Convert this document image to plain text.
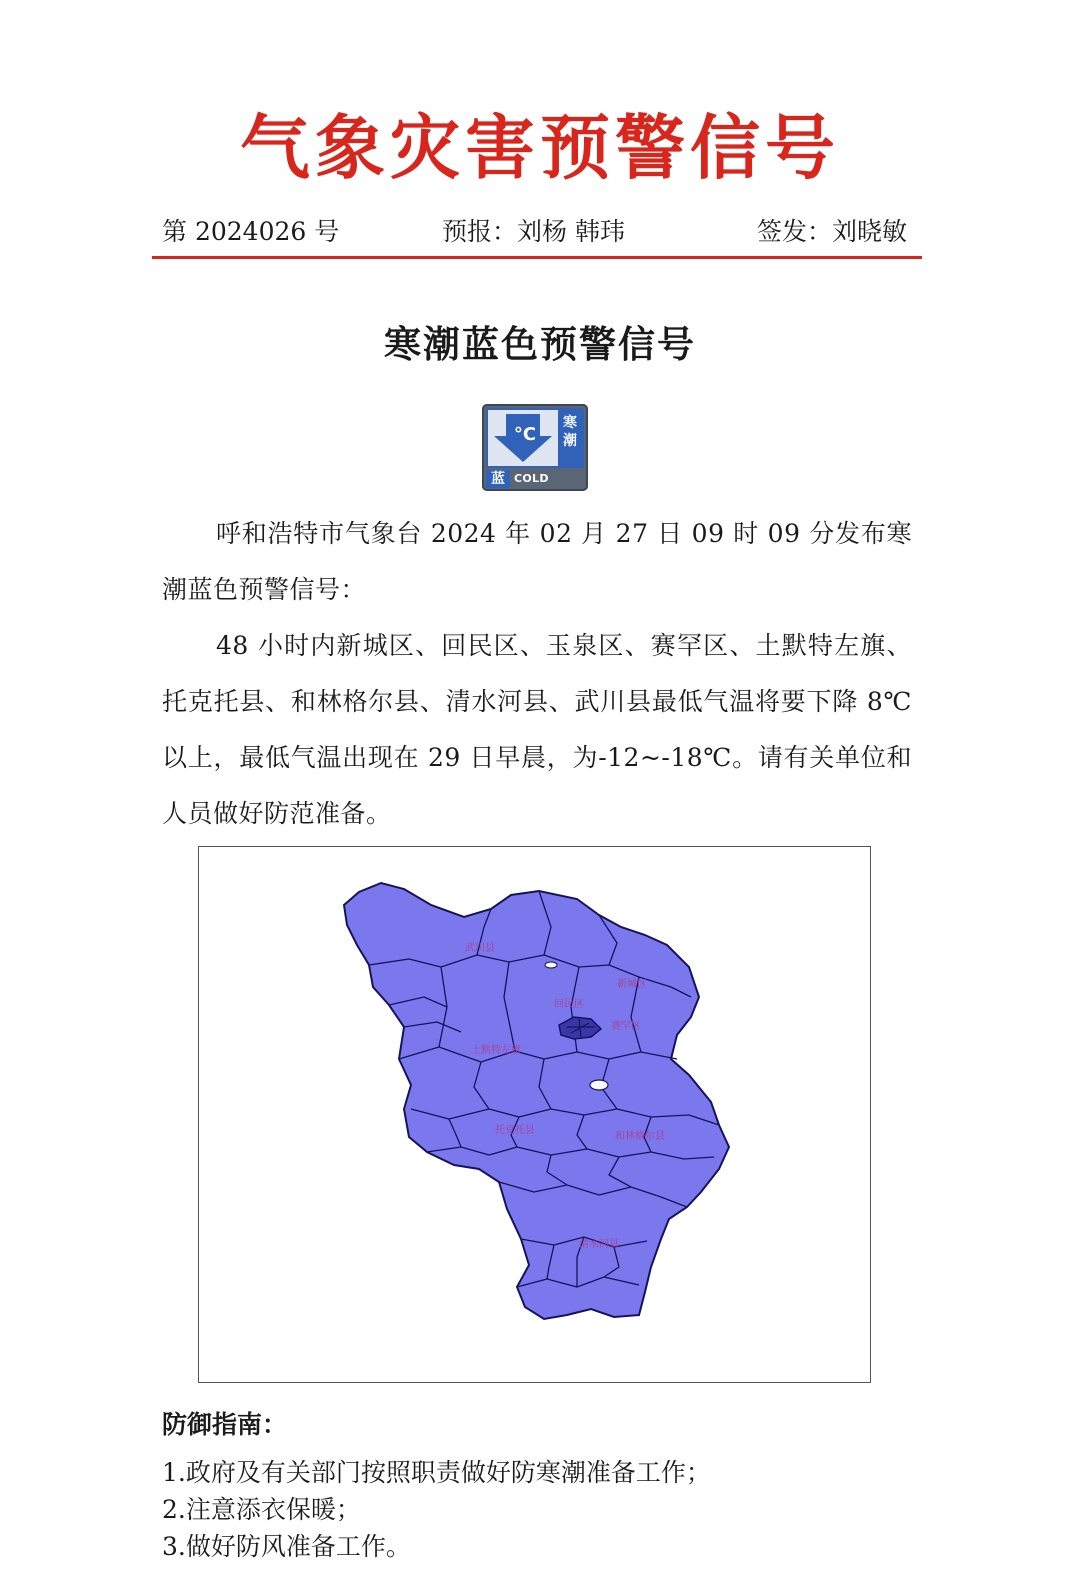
气象灾害预警信号
第 2024026 号	预报：刘杨 韩玮	签发：刘晓敏
寒潮蓝色预警信号
°C
寒
潮
蓝 COLD WAVE
呼和浩特市气象台 2024 年 02 月 27 日 09 时 09 分发布寒潮蓝色预警信号：
48 小时内新城区、回民区、玉泉区、赛罕区、土默特左旗、托克托县、和林格尔县、清水河县、武川县最低气温将要下降 8℃以上，最低气温出现在 29 日早晨，为-12~-18℃。请有关单位和人员做好防范准备。
武川县
新城区
回民区
赛罕区
土默特左旗
托克托县
和林格尔县
清水河县
防御指南：
1.政府及有关部门按照职责做好防寒潮准备工作；
2.注意添衣保暖；
3.做好防风准备工作。
